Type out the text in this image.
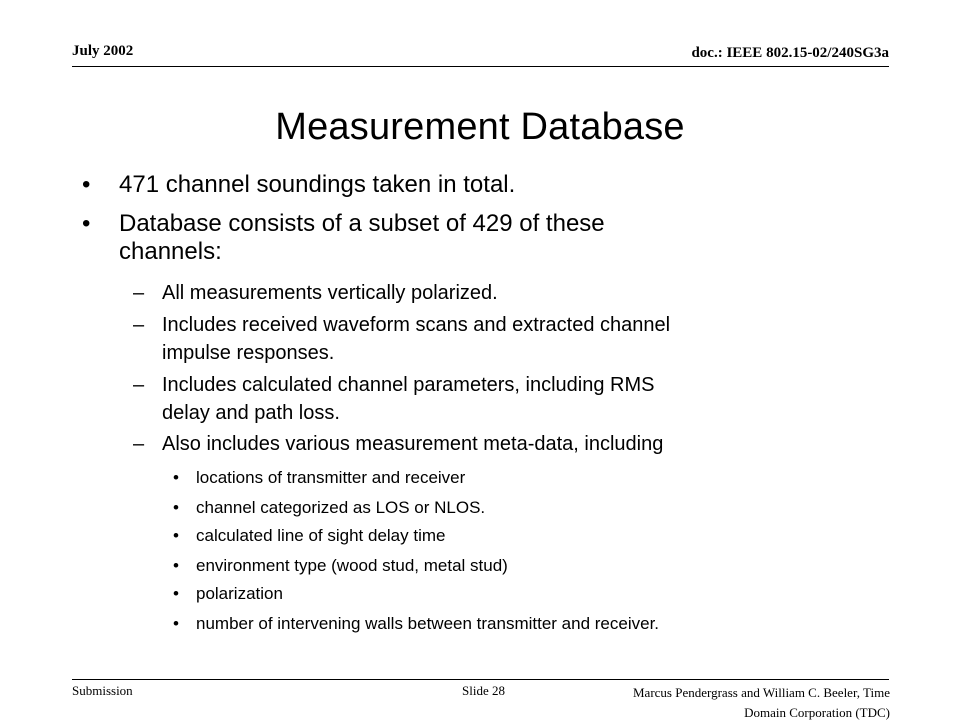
July 2002	doc.: IEEE 802.15-02/240SG3a
Measurement Database
• 471 channel soundings taken in total.
• Database consists of a subset of 429 of these
channels:
– All measurements vertically polarized.
– Includes received waveform scans and extracted channel
impulse responses.
– Includes calculated channel parameters, including RMS
delay and path loss.
– Also includes various measurement meta-data, including
• locations of transmitter and receiver
• channel categorized as LOS or NLOS.
• calculated line of sight delay time
• environment type (wood stud, metal stud)
• polarization
• number of intervening walls between transmitter and receiver.
Submission	Slide 28	Marcus Pendergrass and William C. Beeler, Time
Domain Corporation (TDC)
